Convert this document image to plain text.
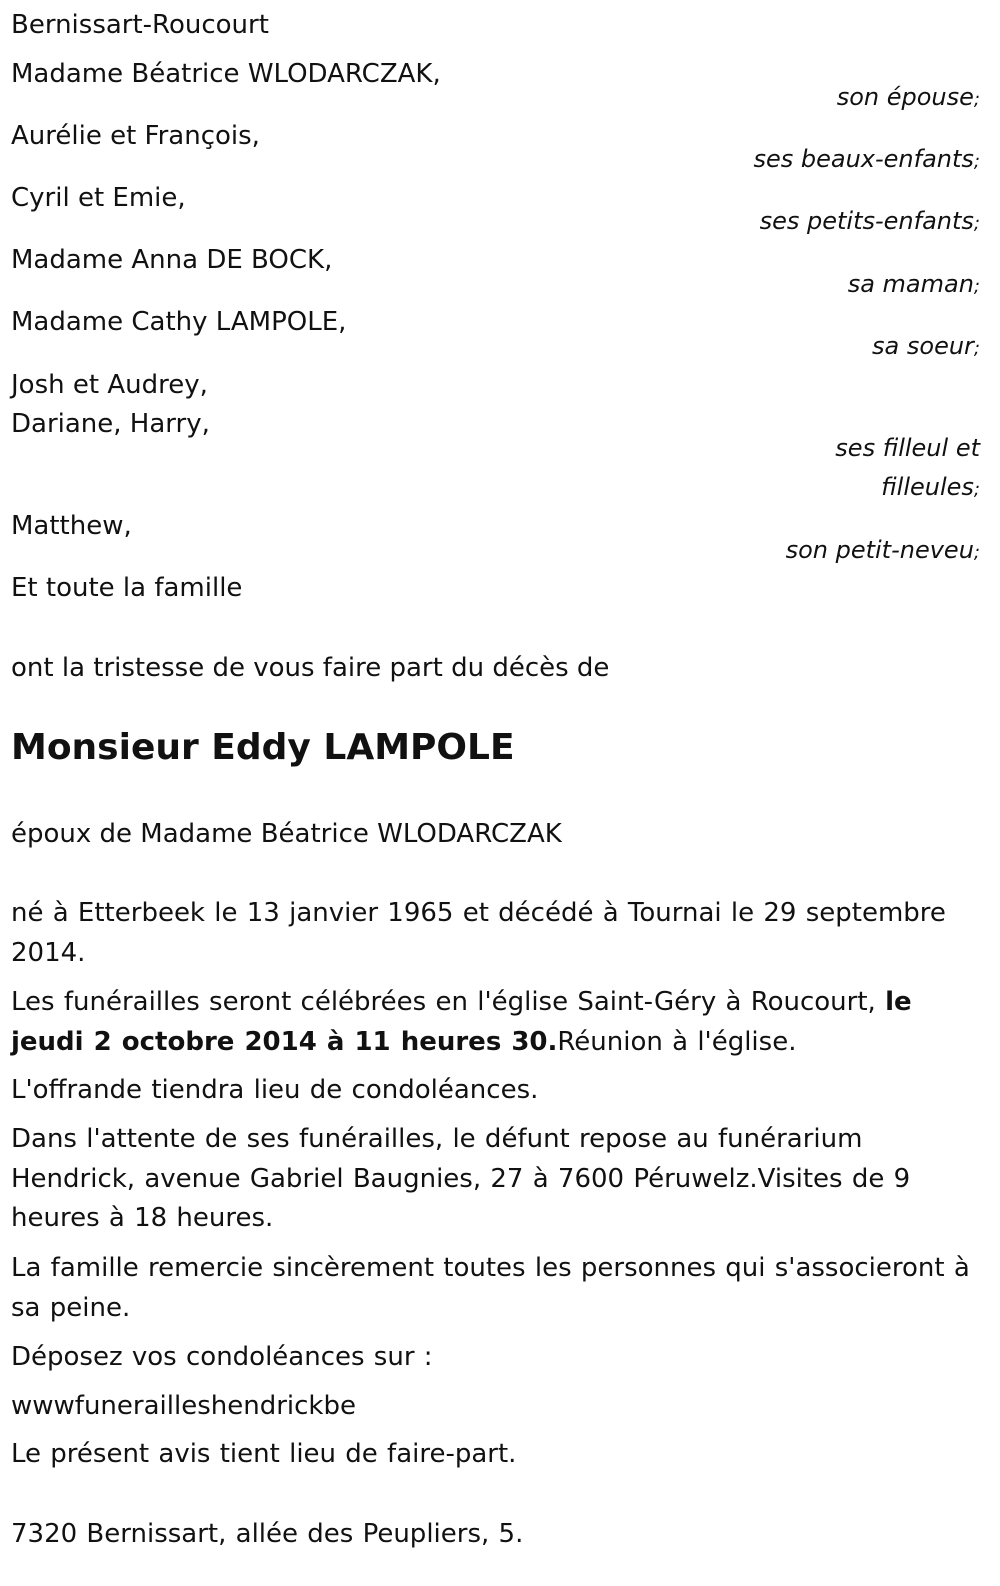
Bernissart-Roucourt

Madame Béatrice WLODARCZAK,

son épouse;

Aurélie et François,

ses beaux-enfants;

Cyril et Emie,

ses petits-enfants;

Madame Anna DE BOCK,

sa maman;

Madame Cathy LAMPOLE,

sa soeur;

Josh et Audrey,

Dariane, Harry,

ses filleul et
filleules;

Matthew,

son petit-neveu;

Et toute la famille

ont la tristesse de vous faire part du décès de

Monsieur Eddy LAMPOLE

époux de Madame Béatrice WLODARCZAK

né à Etterbeek le 13 janvier 1965 et décédé à Tournai le 29 septembre 2014.

Les funérailles seront célébrées en l'église Saint-Géry à Roucourt, le jeudi 2 octobre 2014 à 11 heures 30.Réunion à l'église.

L'offrande tiendra lieu de condoléances.

Dans l'attente de ses funérailles, le défunt repose au funérarium Hendrick, avenue Gabriel Baugnies, 27 à 7600 Péruwelz.Visites de 9 heures à 18 heures.

La famille remercie sincèrement toutes les personnes qui s'associeront à sa peine.

Déposez vos condoléances sur :

wwwfunerailleshendrickbe

Le présent avis tient lieu de faire-part.

7320 Bernissart, allée des Peupliers, 5.
